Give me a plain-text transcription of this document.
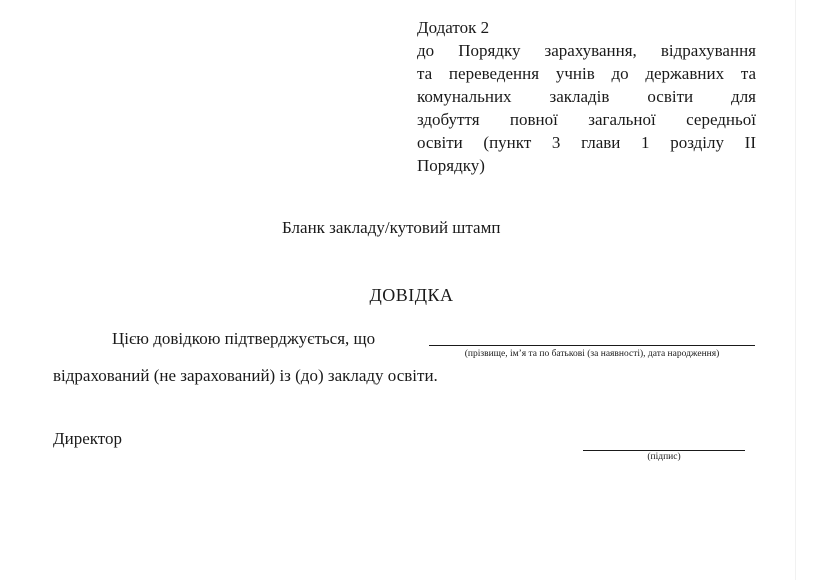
Додаток 2
до Порядку зарахування, відрахування
та переведення учнів до державних та
комунальних закладів освіти для
здобуття повної загальної середньої
освіти (пункт 3 глави 1 розділу II
Порядку)
Бланк закладу/кутовий штамп
ДОВІДКА
Цією довідкою підтверджується, що
(прізвище, ім’я та по батькові (за наявності), дата народження)
відрахований (не зарахований) із (до) закладу освіти.
Директор
(підпис)
